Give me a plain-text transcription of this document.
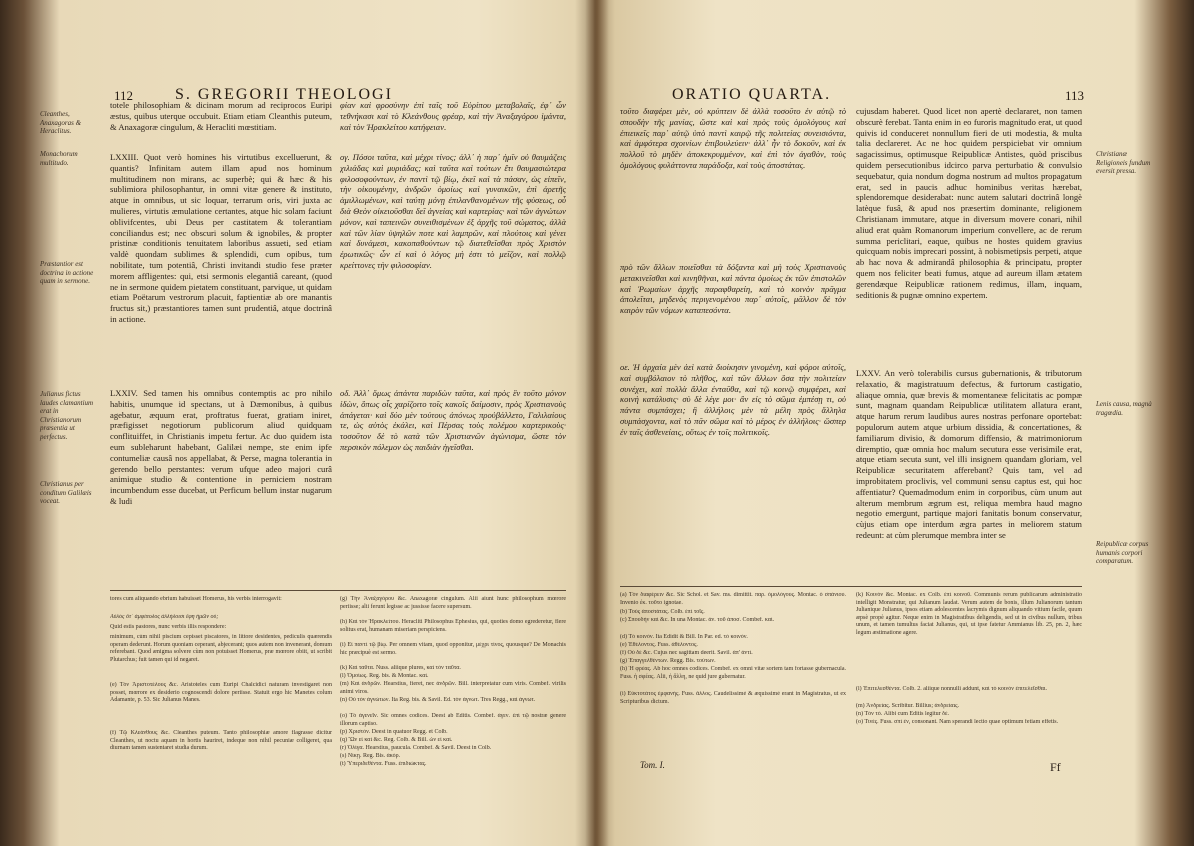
112	S. GREGORII THEOLOGI
Cleanthes, Anaxagoras & Heraclitus.
Monachorum multitudo.
Præstantior est doctrina in actione quam in sermone.
Julianus fictus laudes clamantium erat in Christianorum præsentia ut perfectus.
Christianus per conditum Galilæis voceat.
totele philosophiam & dicinam morum ad reciprocos Euripi æstus, quibus uterque occubuit. Etiam etiam Cleanthis puteum, & Anaxagoræ cingulum, & Heracliti mœstitiam.
LXXIII. Quot verò homines his virtutibus excelluerunt, & quantis? Infinitam autem illam apud nos hominum multitudinem non mirans, ac superbè; qui & hæc & his sublimiora philosophantur, in omni vitæ genere & instituto, atque in omnibus, ut sic loquar, terrarum oris, viri juxta ac mulieres, virtutis æmulatione certantes, atque hic solam faciunt oblivifcentes, ubi Deus per castitatem & tolerantiam conciliandus est; nec obscuri solum & ignobiles, & propter pristinæ conditionis tenuitatem laboribus assueti, sed etiam valdè quondam sublimes & splendidi, cum opibus, tum nobilitate, tum potentiâ, Christi invitandi studio fese præter morem affligentes: qui, etsi sermonis elegantiâ careant, (quod ne in sermone quidem pietatem constituant, parvique, ut quidam etiam Poëtarum vestrorum placuit, faptientiæ ab ore manantis fructus sit,) præstantiores tamen sunt prudentiâ, atque doctrinâ in actione.
LXXIV. Sed tamen his omnibus contemptis ac pro nihilo habitis, unumque id spectans, ut à Dæmonibus, à quibus agebatur, æquum erat, proftratus fuerat, gratiam iniret, præfigisset negotiorum publicorum aliud quidquam conflituiffet, in Christianis impetu fertur. Ac duo quidem ista eum subleharunt habebant, Galilæi nempe, ste enim ipfe contumeliæ causâ nos appellabat, & Perse, magna tolerantia in gerendo bello perstantes: verum ufque adeo majori curâ animique studio & contentione in perniciem nostram incumbendum esse ducebat, ut Perficum bellum instar nugarum & ludi
φίαν καὶ φροσύνην ἐπὶ ταῖς τοῦ Εὐρίπου μεταβολαῖς, ἐφ᾽ ὧν τεθνήκασι καὶ τὸ Κλεάνθους φρέαρ, καὶ τὴν Ἀναξαγόρου ἱμάντα, καὶ τὸν Ἡρακλείτου κατήφειαν.
ογ. Πόσοι ταῦτα, καὶ μέχρι τίνος; ἀλλ᾽ ἡ παρ᾽ ἡμῖν οὐ θαυμάζεις χιλιάδας καὶ μυριάδας; καὶ ταῦτα καὶ τούτων ἔτι θαυμασιώτερα φιλοσοφούντων, ἐν παντὶ τῷ βίῳ, ἐκεῖ καὶ τὰ πάσαν, ὡς εἰπεῖν, τὴν οἰκουμένην, ἀνδρῶν ὁμοίως καὶ γυναικῶν, ἐπὶ ἀρετῆς ἁμιλλωμένων, καὶ ταύτῃ μόνῃ ἐπιλανθανομένων τῆς φύσεως, οὗ διὰ Θεὸν οἰκειοῦσθαι δεῖ ἀγνείας καὶ καρτερίας· καὶ τῶν ἀγνώτων μόνον, καὶ ταπεινῶν συνειθισμένων ἐξ ἀρχῆς τοῦ σώματος, ἀλλὰ καὶ τῶν λίαν ὑψηλῶν ποτε καὶ λαμπρῶν, καὶ πλούτοις καὶ γένει καὶ δυνάμεσι, κακοπαθούντων τῷ διατεθεῖσθαι πρὸς Χριστὸν ἐρωτικῶς· ὧν εἰ καὶ ὁ λόγος μὴ ἐστι τὸ μεῖζον, καὶ πολλῷ κρείττονες τὴν φιλοσοφίαν.
οδ. Ἀλλ᾽ ὅμως ἀπάντα παριδὼν ταῦτα, καὶ πρὸς ἓν τοῦτο μόνον ἰδὼν, ὅπως οἷς χαρίζοιτο τοῖς κακοῖς δαίμοσιν, πρὸς Χριστιανοὺς ἀπάγεται· καὶ δύο μὲν τούτους ἀπόνως προὐβάλλετο, Γαλιλαίους τε, ὡς αὐτὸς ἐκάλει, καὶ Πέρσας τοὺς πολέμου καρτερικοὺς· τοσοῦτον δὲ τὸ κατὰ τῶν Χριστιανῶν ἀγώνισμα, ὥστε τὸν περσικὸν πόλεμον ὡς παιδιὰν ἡγεῖσθαι.
tores cum aliquando ebrium habuisset Homerus, his verbis interrogavit:
Αὐλὸς ὅτ᾽ ἀμφίπολος ἀλλήλοισι ἔφη ἡμῶν οὐ;
Quid estis pastores, nunc verbis illis respondere:
minimum, cùm nihil piscium cepisset piscatores, in littore desidentes, pediculis quærendis operam dederunt. Horum quoniam ceperant, abjecerant; quos autem non invenerant, domum referebant. Quod ænigma solvere cùm non potuisset Homerus, præ mœrore obiit, ut scribit Plutarchus; fuit tamen qui id negaret.
(e) Τὸν Ἀριστοτέλους &c. Aristoteles cum Euripi Chalcidici naturam investigaret non posset, mœrore ex desiderio cognoscendi dolore periisse. Statuit ergo hic Manetes colum Adamante, p. 53. Sic Julianus Manes.
(f) Τῷ Κλεάνθους &c. Cleanthes puteum. Tanto philosophiæ amore flagrasse dicitur Cleanthes, ut noctu aquam in hortis hauriret, indeque non nihil pecuniæ colligeret, qua diurnam tamen sustentaret studia durum.
(g) Τὴν Ἀναξαγόρου &c. Anaxagoræ cingulum. Alii aiunt hunc philosophum mœrore periisse; alii ferunt legisse ac jussisse facere supersum.
(h) Καὶ τὸν Ἡρακλείτου. Heracliti Philosophus Ephesius, qui, quoties domo egrederetur, flere solitus erat, humanam miseriam perspiciens.
(i) Εἰ παντὶ τῷ βίῳ. Per omnem vitam, quod opponitur, μέχρι τίνος, quousque? De Monachis hic præcipuè est sermo.
(k) Καὶ ταῦτα. Nuss. aliique plures, καὶ τὸν ταῦτα.
(l) Ὁμοίως. Reg. bis. & Montac. καὶ.
(m) Καὶ ἀνδρῶν. Hearstius, fieret, nec ἀνδρῶν. Bill. interpretatur cum viris. Combef. virilis animi viros.
(n) Οὐ τὸν ἀγνώτων. Ita Reg. bis. & Savil. Ed. τὸν ἀγνωτ. Tres Regg., καὶ ἀγνωτ.
(o) Τὸ ἀγενεῖν. Sic omnes codices. Deest ab Editis. Combef. ἀγεν. ἐπί τῷ nostræ genere illorum captiso.
(p) Χριστόν. Deest in quatuor Regg. et Colb.
(q) Ὢν εἰ καὶ &c. Reg. Colb. & Bill. ὧν εἰ καὶ.
(r) Ὀλίγα. Hearstius, paucula. Combef. & Savil. Deest in Colb.
(s) Νίκῃ. Reg. Bis. ἀκόρ.
(t) Ὑπεριδεθέντα. Fuss. ἐπιδιώκτας.
ORATIO QUARTA.	113
Christianæ Religioneis fundum eversit pressa.
Lenis causa, magnà tragœdia.
Reipublicæ corpus humanis corpori comparatum.
τοῦτο διαφέρει μὲν, οὐ κρύπτειν δὲ ἀλλὰ τοσοῦτο ἐν αὐτῷ τὸ σπουδὴν τῆς μανίας, ὥστε καὶ καὶ πρὸς τοὺς ὁμολόγους καὶ ἐπιεικεῖς παρ᾽ αὐτῷ ὑπὸ παντὶ καιρῷ τῆς πολιτείας συνεισιόντα, καὶ ἀμφότερα σχοινίων ἐπιβουλεύειν· ἀλλ᾽ ἦν τὸ δοκοῦν, καὶ ἐκ πολλοῦ τὸ μηδὲν ἀποκεκρυμμένον, καὶ ἐπὶ τὸν ἀγαθὸν, τοὺς ὁμολόγους φυλάττοντα παράδοξα, καὶ τοὺς ἀποστάτας.
πρὸ τῶν ἄλλων ποιεῖσθαι τὰ δόξαντα καὶ μὴ τοὺς Χριστιανοὺς μετακινεῖσθαι καὶ κινηθῆναι, καὶ πάντα ὁμοίως ἐκ τῶν ἐπιστολῶν καὶ Ῥωμαίων ἀρχῆς παραφθαρείη, καὶ τὸ κοινὸν πρᾶγμα ἀπολεῖται, μηδενὸς περιγενομένου παρ᾽ αὐτοῖς, μᾶλλον δὲ τὸν καιρὸν τῶν νόμων καταπεσόντα.
οε. Ἡ ἀρχαία μὲν ἀεὶ κατὰ διοίκησιν γινομένη, καὶ φόροι αὐτοῖς, καὶ συμβόλαιον τὸ πλῆθος, καὶ τῶν ἄλλων ὅσα τὴν πολιτείαν συνέχει, καὶ πολλὰ ἄλλα ἐνταῦθα, καὶ τῷ κοινῷ συμφέρει, καὶ κοινὴ κατάλυσις· σὺ δὲ λέγε μοι· ἂν εἰς τὸ σῶμα ἐμπέσῃ τι, οὐ πάντα συμπάσχει; ἢ ἀλλήλοις μὲν τὰ μέλη πρὸς ἄλληλα συμπάσχοντα, καὶ τὸ πᾶν σῶμα καὶ τὸ μέρος ἐν ἀλλήλοις· ὥσπερ ἐν ταῖς ἀσθενείαις, οὕτως ἐν τοῖς πολιτικοῖς.
cujusdam haberet. Quod licet non apertè declararet, non tamen obscurè ferebat. Tanta enim in eo furoris magnitudo erat, ut quod quivis id conduceret nonnullum fieri de uti modestia, & multa talia declareret. Ac ne hoc quidem perspiciebat vir omnium sagacissimus, optimusque Reipublicæ Antistes, quòd priscibus quidem persecutionibus idcirco parva perturbatio & convulsio sequebatur, quia nondum dogma nostrum ad multos propagatum erat, sed in paucis adhuc hominibus veritas hærebat, splendoremque desiderabat: nunc autem salutari doctrinâ longè latèque fusâ, & apud nos præsertim dominante, religionem Christianam immutare, atque in diversum movere conari, nihil aliud erat quàm Romanorum imperium convellere, ac de rerum summa periclitari, eaque, quibus ne hostes quidem gravius quicquam nobis imprecari possint, à nobismetipsis perpeti, atque ab hac nova & admirandâ philosophia & principatu, propter quem nos feliciter beati fumus, atque ad aureum illam ætatem gerendæque Reipublicæ rationem redimus, illam, inquam, seditionis & pugnæ omnino expertem.
LXXV. An verò tolerabilis cursus gubernationis, & tributorum relaxatio, & magistratuum defectus, & furtorum castigatio, aliaque omnia, quæ brevis & momentaneæ felicitatis ac pompæ sunt, magnam quandam Reipublicæ utilitatem allatura erant, atque harum rerum laudibus aures nostras perfonare oportebat: populorum autem atque urbium dissidia, & concertationes, & familiarum divisio, & domorum diffensio, & matrimoniorum diremptio, quæ omnia hoc malum secutura esse verisimile erat, atque etiam secuta sunt, vel illi insignem quandam gloriam, vel Reipublicæ securitatem afferebant? Quis tam, vel ad improbitatem proclivis, vel communi sensu captus est, qui hoc affentiatur? Quemadmodum enim in corporibus, cùm unum aut alterum membrum ægrum est, reliqua membra haud magno negotio emergunt, partique majori fanitatis bonum conservatur, cùjus etiam ope interdum ægra partes in meliorem statum redeunt: at cùm plerumque membra inter se
(a) Τὸν διαφέρειν &c. Sic Schol. et Sav. ms. dimittit. παρ. ὁμολόγους. Montac. ὁ σπάνιου. Invenio ἐκ. τοῦτο ignotae.
(b) Τοὺς ἀποστάτας. Colb. ἐπὶ τοῖς.
(c) Σπουδὴν καὶ &c. In una Montac. ἀν. τοῦ ἀποσ. Combef. καὶ.
(d) Τὸ κοινὸν. Ita Edidit & Bill. In Par. ed. τὸ κοινόν.
(e) Ἐθέλοντος. Fuss. ἀθέλοντος.
(f) Οὐ δὲ &c. Cujus nec sagittam deerit. Savil. ἀπ' ἀντί.
(g) Ἐπαγγελθέντων. Regg. Bis. τούτων.
(h) Ἡ φρέας. Ab hoc omnes codices. Combef. ex omni vitæ sortem tam fortasse gubernacula. Fuss. ἡ σφέας. Alii, ἡ ἄλλη, ne quid jure gubernatur.
(i) Εὐκτοτάτος ἐμφανὴς. Fuss. ἄλλος. Caudelissimè & æquissimè erant in Magistratus, ut ex Scripturibus dictum.
(k) Κοινόν &c. Montac. ex Colb. ἐπί κοινοῦ. Communis rerum publicarum administratio intelligit Monstratur, qui Julianum laudat. Verum autem de bonis, illum Julianorum tantum Julianique Julianus, ipsos etiam adolescentes lacrymis dignum aliquando vitium facile, quum æpsè propè agitur. Neque enim in Magistratibus deligendis, sed ut in civibus nullum, tribus unum, et tamen tumultus faciat Julianus, qui, ut ipse fatetur Ammianus lib. 25, pn. 2, hæc legum æstimatione agere.
(l) Ἐπιτελεσθέντα. Colb. 2. aliique nonnulli addunt, καὶ τὸ κοινὸν ἐπιτελεῖσθαι.
(m) Ἀνδρείας. Scribitur. Billius; ἀνδρείαις.
(n) Τὸν τὸ. Alibi cum Editis legitur δὲ.
(o) Τινὲς. Fuss. σπὶ ἐν, consonant. Nam sperandi lectio quae optimum fetiam effetis.
Tom. I.	Ff
